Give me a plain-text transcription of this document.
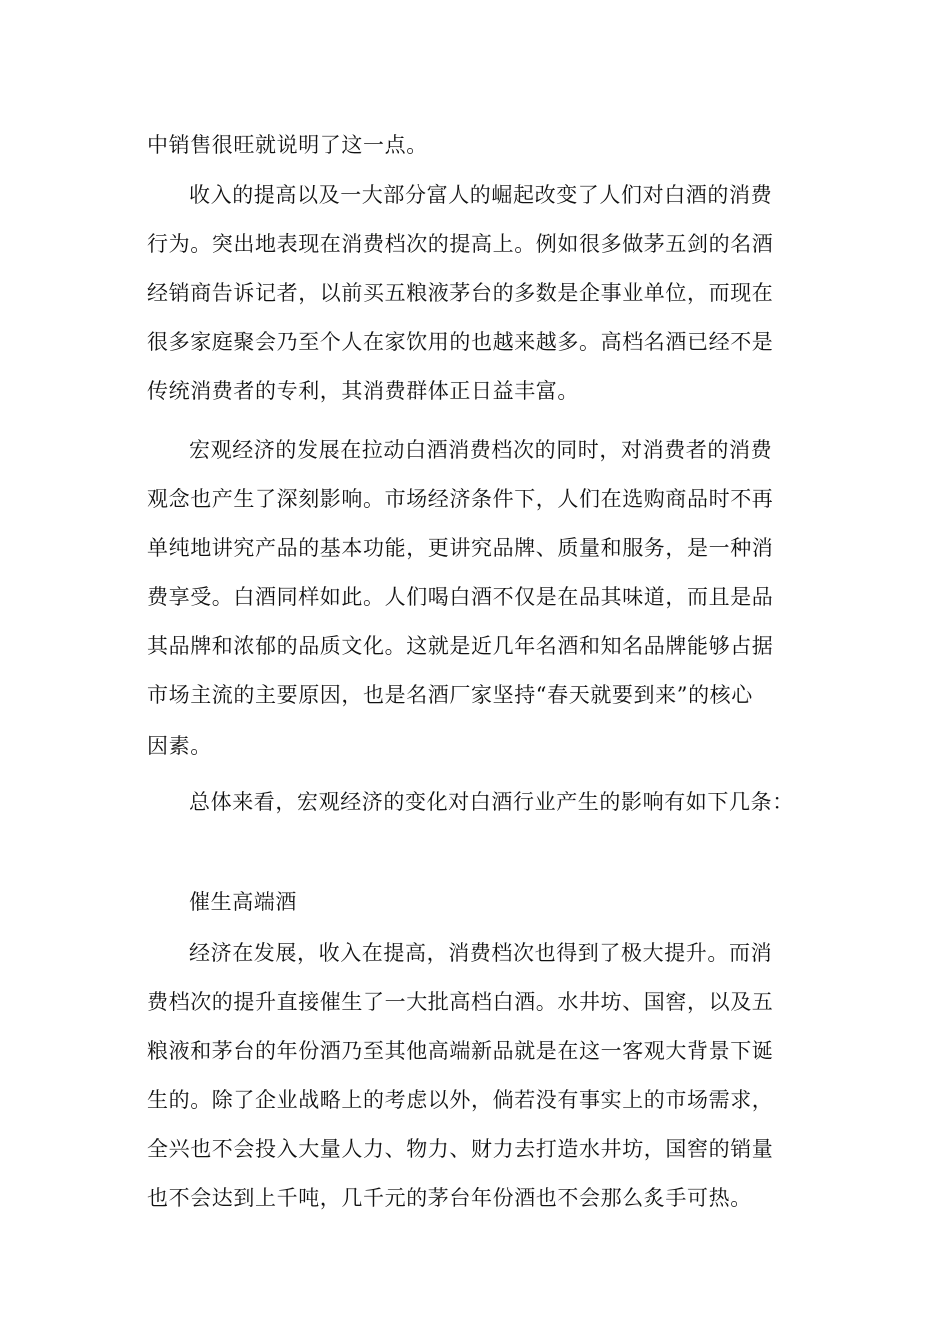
中销售很旺就说明了这一点。
收入的提高以及一大部分富人的崛起改变了人们对白酒的消费
行为。突出地表现在消费档次的提高上。例如很多做茅五剑的名酒
经销商告诉记者，以前买五粮液茅台的多数是企事业单位，而现在
很多家庭聚会乃至个人在家饮用的也越来越多。高档名酒已经不是
传统消费者的专利，其消费群体正日益丰富。
宏观经济的发展在拉动白酒消费档次的同时，对消费者的消费
观念也产生了深刻影响。市场经济条件下，人们在选购商品时不再
单纯地讲究产品的基本功能，更讲究品牌、质量和服务，是一种消
费享受。白酒同样如此。人们喝白酒不仅是在品其味道，而且是品
其品牌和浓郁的品质文化。这就是近几年名酒和知名品牌能够占据
市场主流的主要原因，也是名酒厂家坚持“春天就要到来”的核心
因素。
总体来看，宏观经济的变化对白酒行业产生的影响有如下几条：
催生高端酒
经济在发展，收入在提高，消费档次也得到了极大提升。而消
费档次的提升直接催生了一大批高档白酒。水井坊、国窖，以及五
粮液和茅台的年份酒乃至其他高端新品就是在这一客观大背景下诞
生的。除了企业战略上的考虑以外，倘若没有事实上的市场需求，
全兴也不会投入大量人力、物力、财力去打造水井坊，国窖的销量
也不会达到上千吨，几千元的茅台年份酒也不会那么炙手可热。
